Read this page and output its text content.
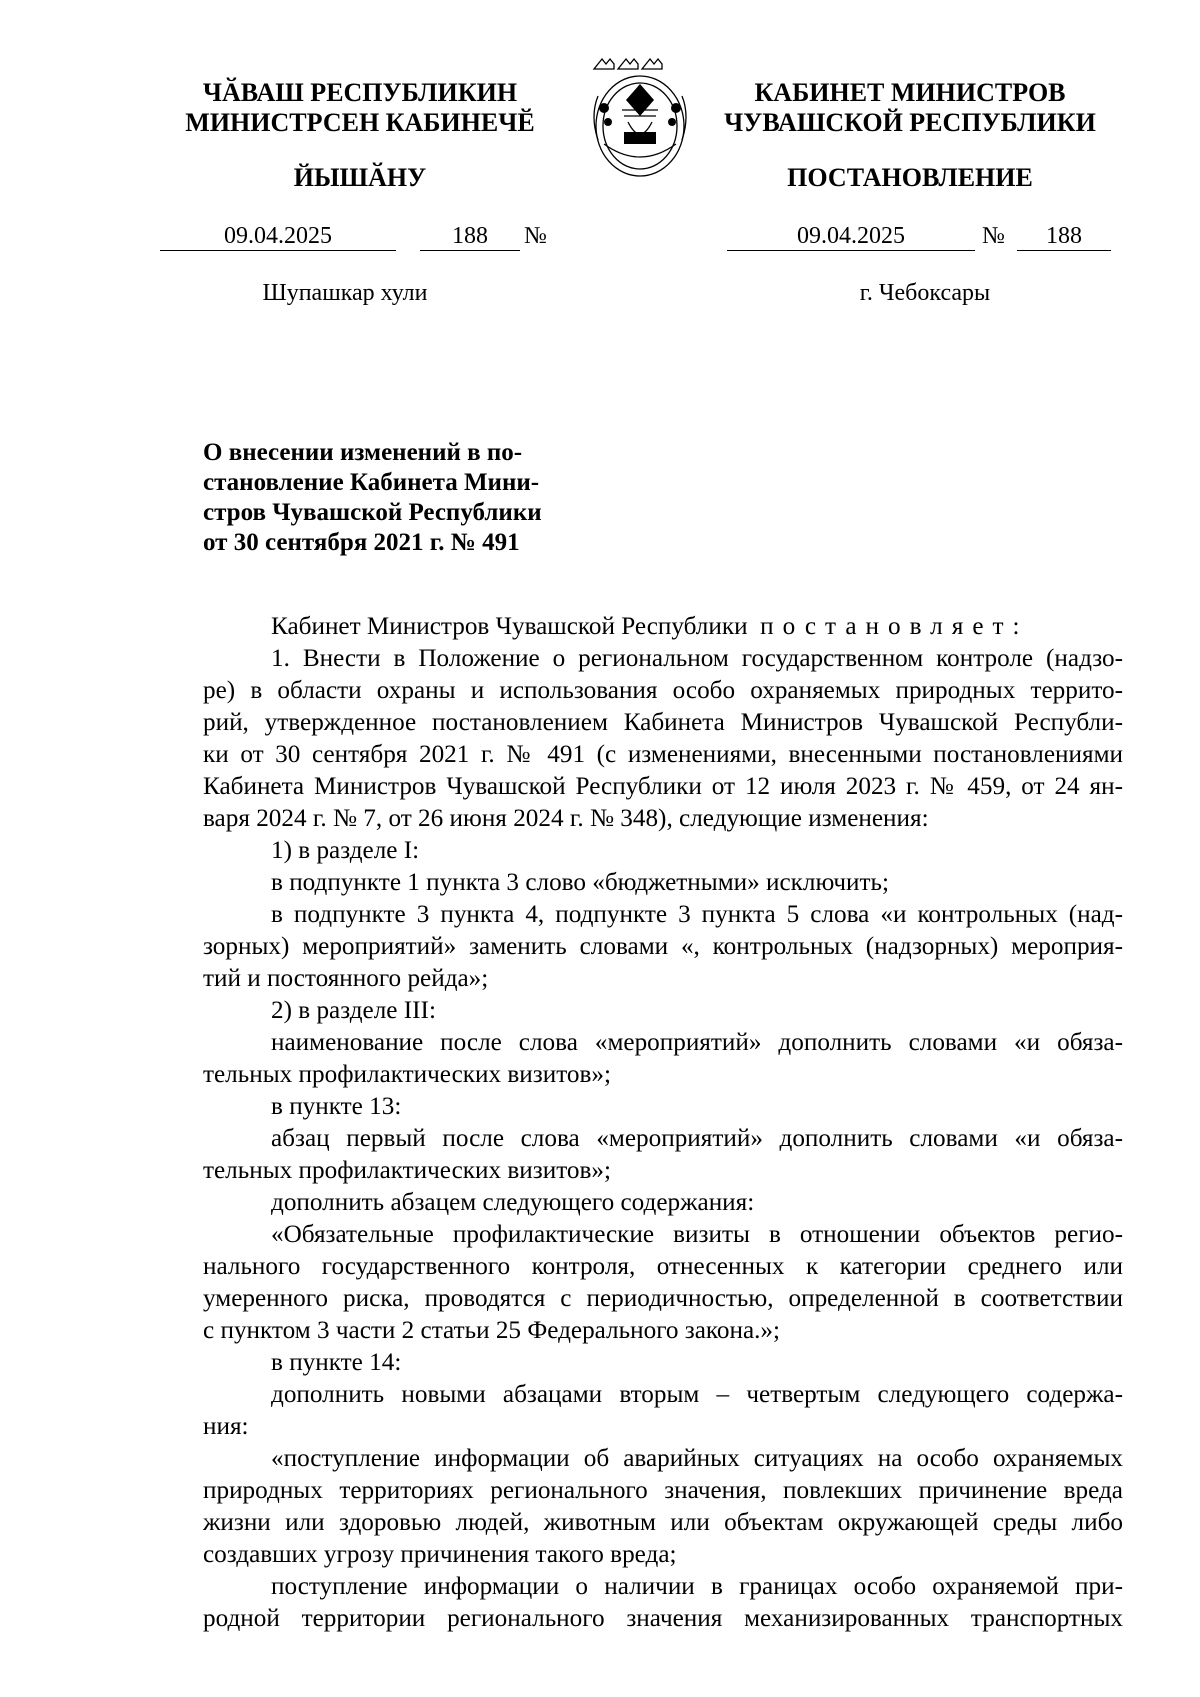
ЧӐВАШ РЕСПУБЛИКИН
МИНИСТРСЕН КАБИНЕЧӖ
ЙЫШӐНУ
09.04.2025	188	№
Шупашкар хули
КАБИНЕТ МИНИСТРОВ
ЧУВАШСКОЙ РЕСПУБЛИКИ
ПОСТАНОВЛЕНИЕ
09.04.2025	№	188
г. Чебоксары
О внесении изменений в по-
становление Кабинета Мини-
стров Чувашской Республики
от 30 сентября 2021 г. № 491
Кабинет Министров Чувашской Республики постановляет:
1. Внести в Положение о региональном государственном контроле (надзо-
ре) в области охраны и использования особо охраняемых природных террито-
рий, утвержденное постановлением Кабинета Министров Чувашской Республи-
ки от 30 сентября 2021 г. № 491 (с изменениями, внесенными постановлениями
Кабинета Министров Чувашской Республики от 12 июля 2023 г. № 459, от 24 ян-
варя 2024 г. № 7, от 26 июня 2024 г. № 348), следующие изменения:
1) в разделе I:
в подпункте 1 пункта 3 слово «бюджетными» исключить;
в подпункте 3 пункта 4, подпункте 3 пункта 5 слова «и контрольных (над-
зорных) мероприятий» заменить словами «, контрольных (надзорных) мероприя-
тий и постоянного рейда»;
2) в разделе III:
наименование после слова «мероприятий» дополнить словами «и обяза-
тельных профилактических визитов»;
в пункте 13:
абзац первый после слова «мероприятий» дополнить словами «и обяза-
тельных профилактических визитов»;
дополнить абзацем следующего содержания:
«Обязательные профилактические визиты в отношении объектов регио-
нального государственного контроля, отнесенных к категории среднего или
умеренного риска, проводятся с периодичностью, определенной в соответствии
с пунктом 3 части 2 статьи 25 Федерального закона.»;
в пункте 14:
дополнить новыми абзацами вторым – четвертым следующего содержа-
ния:
«поступление информации об аварийных ситуациях на особо охраняемых
природных территориях регионального значения, повлекших причинение вреда
жизни или здоровью людей, животным или объектам окружающей среды либо
создавших угрозу причинения такого вреда;
поступление информации о наличии в границах особо охраняемой при-
родной территории регионального значения механизированных транспортных
